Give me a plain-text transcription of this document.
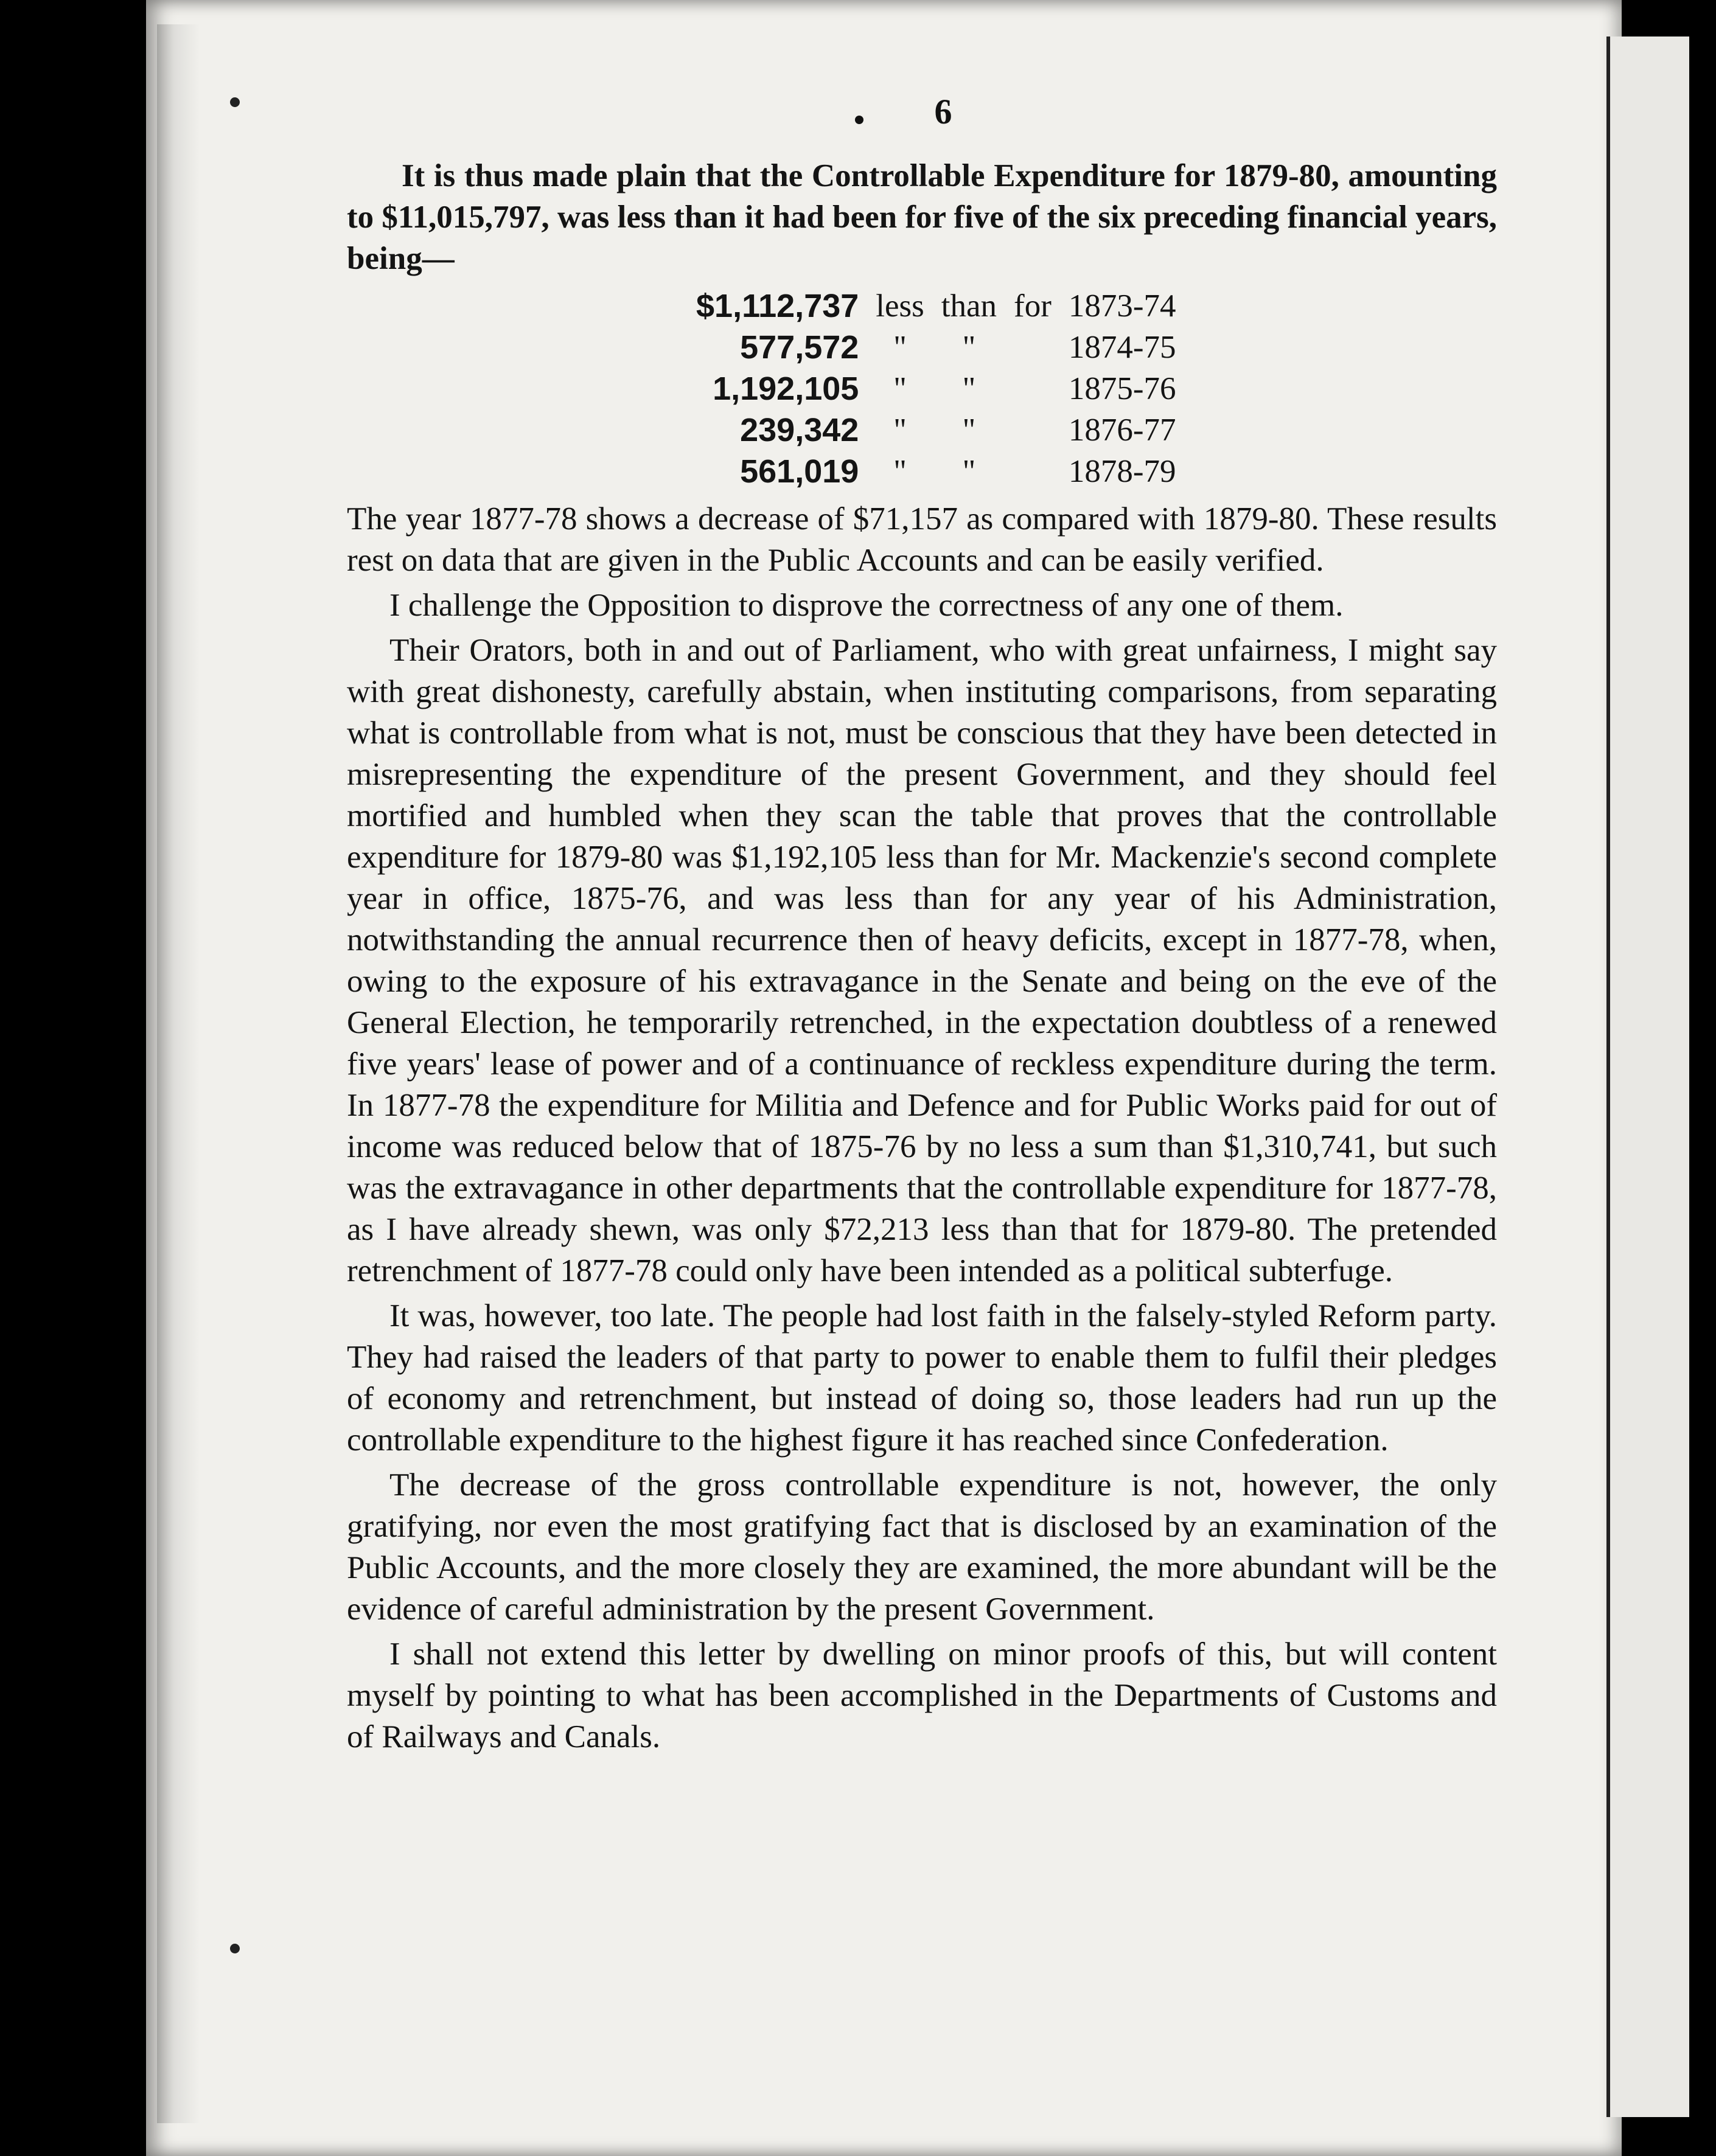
6

It is thus made plain that the Controllable Expenditure for 1879-80, amounting to $11,015,797, was less than it had been for five of the six preceding financial years, being—

$1,112,737	less	than	for	1873-74
577,572	"	"		1874-75
1,192,105	"	"		1875-76
239,342	"	"		1876-77
561,019	"	"		1878-79

The year 1877-78 shows a decrease of $71,157 as compared with 1879-80. These results rest on data that are given in the Public Accounts and can be easily verified.

I challenge the Opposition to disprove the correctness of any one of them.

Their Orators, both in and out of Parliament, who with great unfairness, I might say with great dishonesty, carefully abstain, when instituting comparisons, from separating what is controllable from what is not, must be conscious that they have been detected in misrepresenting the expenditure of the present Government, and they should feel mortified and humbled when they scan the table that proves that the controllable expenditure for 1879-80 was $1,192,105 less than for Mr. Mackenzie's second complete year in office, 1875-76, and was less than for any year of his Administration, notwithstanding the annual recurrence then of heavy deficits, except in 1877-78, when, owing to the exposure of his extravagance in the Senate and being on the eve of the General Election, he temporarily retrenched, in the expectation doubtless of a renewed five years' lease of power and of a continuance of reckless expenditure during the term. In 1877-78 the expenditure for Militia and Defence and for Public Works paid for out of income was reduced below that of 1875-76 by no less a sum than $1,310,741, but such was the extravagance in other departments that the controllable expenditure for 1877-78, as I have already shewn, was only $72,213 less than that for 1879-80. The pretended retrenchment of 1877-78 could only have been intended as a political subterfuge.

It was, however, too late. The people had lost faith in the falsely-styled Reform party. They had raised the leaders of that party to power to enable them to fulfil their pledges of economy and retrenchment, but instead of doing so, those leaders had run up the controllable expenditure to the highest figure it has reached since Confederation.

The decrease of the gross controllable expenditure is not, however, the only gratifying, nor even the most gratifying fact that is disclosed by an examination of the Public Accounts, and the more closely they are examined, the more abundant will be the evidence of careful administration by the present Government.

I shall not extend this letter by dwelling on minor proofs of this, but will content myself by pointing to what has been accomplished in the Departments of Customs and of Railways and Canals.
